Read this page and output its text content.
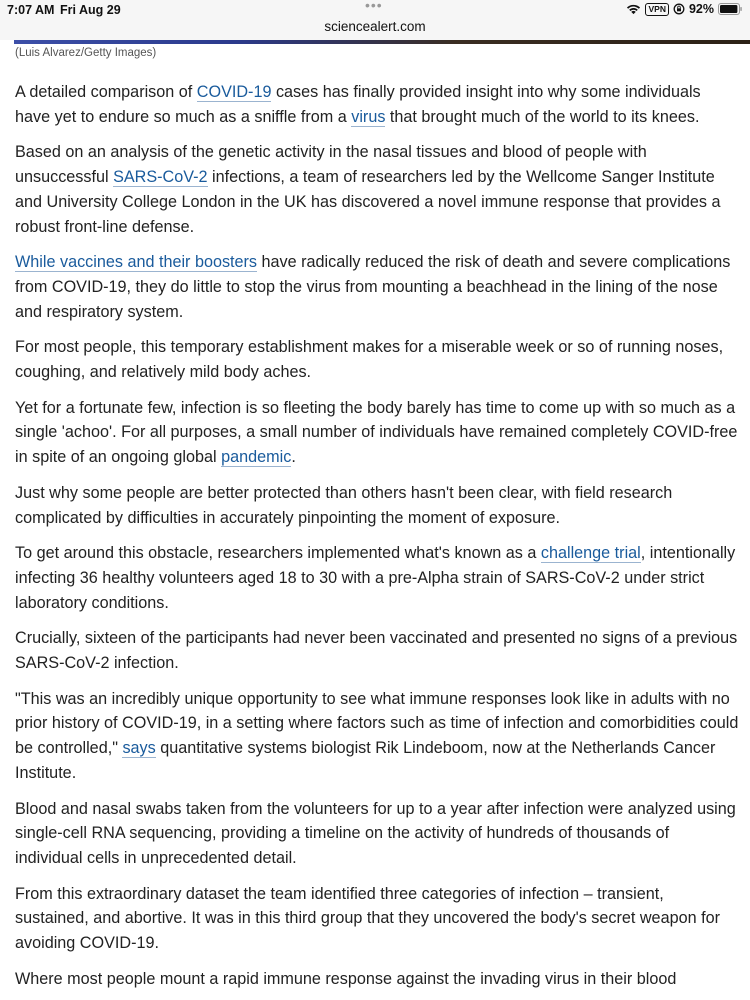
7:07 AM Fri Aug 29	•••
sciencealert.com
VPN 92%
(Luis Alvarez/Getty Images)

A detailed comparison of COVID-19 cases has finally provided insight into why some individuals have yet to endure so much as a sniffle from a virus that brought much of the world to its knees.

Based on an analysis of the genetic activity in the nasal tissues and blood of people with unsuccessful SARS-CoV-2 infections, a team of researchers led by the Wellcome Sanger Institute and University College London in the UK has discovered a novel immune response that provides a robust front-line defense.

While vaccines and their boosters have radically reduced the risk of death and severe complications from COVID-19, they do little to stop the virus from mounting a beachhead in the lining of the nose and respiratory system.

For most people, this temporary establishment makes for a miserable week or so of running noses, coughing, and relatively mild body aches.

Yet for a fortunate few, infection is so fleeting the body barely has time to come up with so much as a single 'achoo'. For all purposes, a small number of individuals have remained completely COVID-free in spite of an ongoing global pandemic.

Just why some people are better protected than others hasn't been clear, with field research complicated by difficulties in accurately pinpointing the moment of exposure.

To get around this obstacle, researchers implemented what's known as a challenge trial, intentionally infecting 36 healthy volunteers aged 18 to 30 with a pre-Alpha strain of SARS-CoV-2 under strict laboratory conditions.

Crucially, sixteen of the participants had never been vaccinated and presented no signs of a previous SARS-CoV-2 infection.

"This was an incredibly unique opportunity to see what immune responses look like in adults with no prior history of COVID-19, in a setting where factors such as time of infection and comorbidities could be controlled," says quantitative systems biologist Rik Lindeboom, now at the Netherlands Cancer Institute.

Blood and nasal swabs taken from the volunteers for up to a year after infection were analyzed using single-cell RNA sequencing, providing a timeline on the activity of hundreds of thousands of individual cells in unprecedented detail.

From this extraordinary dataset the team identified three categories of infection – transient, sustained, and abortive. It was in this third group that they uncovered the body's secret weapon for avoiding COVID-19.

Where most people mount a rapid immune response against the invading virus in their blood
